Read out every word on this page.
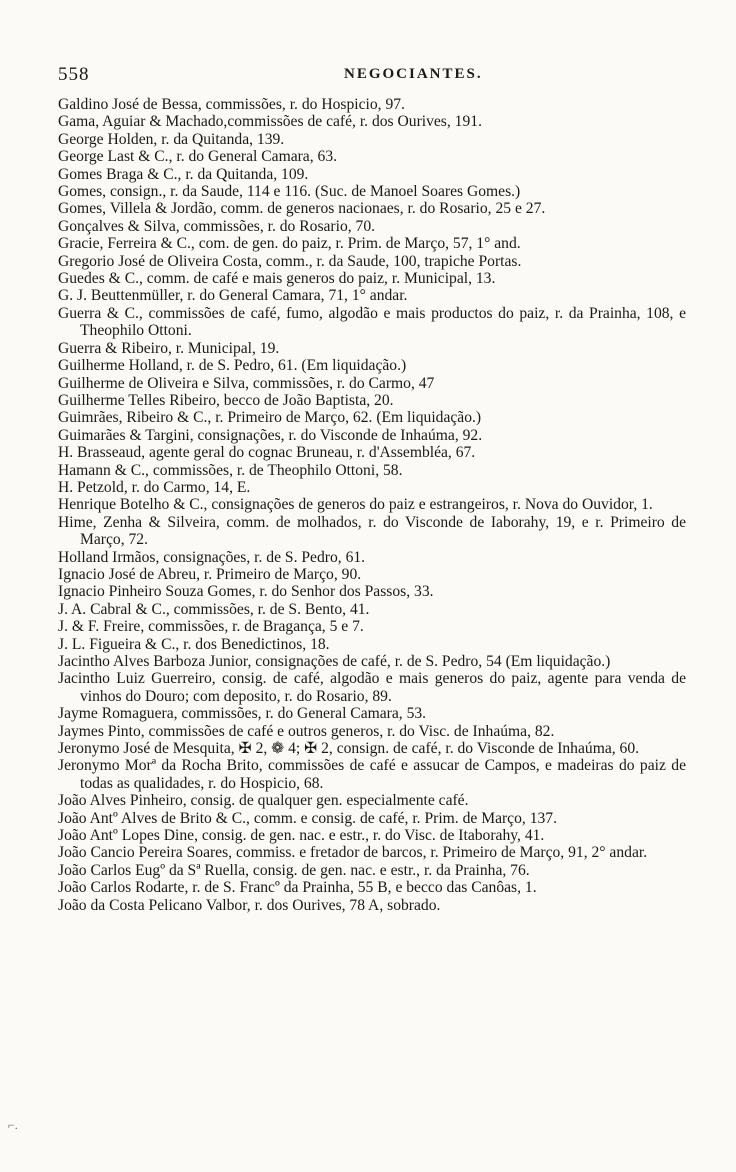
558	NEGOCIANTES.

Galdino José de Bessa, commissões, r. do Hospicio, 97.

Gama, Aguiar & Machado,commissões de café, r. dos Ourives, 191.

George Holden, r. da Quitanda, 139.

George Last & C., r. do General Camara, 63.

Gomes Braga & C., r. da Quitanda, 109.

Gomes, consign., r. da Saude, 114 e 116. (Suc. de Manoel Soares Gomes.)

Gomes, Villela & Jordão, comm. de generos nacionaes, r. do Rosario, 25 e 27.

Gonçalves & Silva, commissões, r. do Rosario, 70.

Gracie, Ferreira & C., com. de gen. do paiz, r. Prim. de Março, 57, 1° and.

Gregorio José de Oliveira Costa, comm., r. da Saude, 100, trapiche Portas.

Guedes & C., comm. de café e mais generos do paiz, r. Municipal, 13.

G. J. Beuttenmüller, r. do General Camara, 71, 1° andar.

Guerra & C., commissões de café, fumo, algodão e mais productos do paiz, r. da Prainha, 108, e Theophilo Ottoni.

Guerra & Ribeiro, r. Municipal, 19.

Guilherme Holland, r. de S. Pedro, 61. (Em liquidação.)

Guilherme de Oliveira e Silva, commissões, r. do Carmo, 47

Guilherme Telles Ribeiro, becco de João Baptista, 20.

Guimrães, Ribeiro & C., r. Primeiro de Março, 62. (Em liquidação.)

Guimarães & Targini, consignações, r. do Visconde de Inhaúma, 92.

H. Brasseaud, agente geral do cognac Bruneau, r. d'Assembléa, 67.

Hamann & C., commissões, r. de Theophilo Ottoni, 58.

H. Petzold, r. do Carmo, 14, E.

Henrique Botelho & C., consignações de generos do paiz e estrangeiros, r. Nova do Ouvidor, 1.

Hime, Zenha & Silveira, comm. de molhados, r. do Visconde de Iaborahy, 19, e r. Primeiro de Março, 72.

Holland Irmãos, consignações, r. de S. Pedro, 61.

Ignacio José de Abreu, r. Primeiro de Março, 90.

Ignacio Pinheiro Souza Gomes, r. do Senhor dos Passos, 33.

J. A. Cabral & C., commissões, r. de S. Bento, 41.

J. & F. Freire, commissões, r. de Bragança, 5 e 7.

J. L. Figueira & C., r. dos Benedictinos, 18.

Jacintho Alves Barboza Junior, consignações de café, r. de S. Pedro, 54 (Em liquidação.)

Jacintho Luiz Guerreiro, consig. de café, algodão e mais generos do paiz, agente para venda de vinhos do Douro; com deposito, r. do Rosario, 89.

Jayme Romaguera, commissões, r. do General Camara, 53.

Jaymes Pinto, commissões de café e outros generos, r. do Visc. de Inhaúma, 82.

Jeronymo José de Mesquita, ✠ 2, ❁ 4; ✠ 2, consign. de café, r. do Visconde de Inhaúma, 60.

Jeronymo Morª da Rocha Brito, commissões de café e assucar de Campos, e madeiras do paiz de todas as qualidades, r. do Hospicio, 68.

João Alves Pinheiro, consig. de qualquer gen. especialmente café.

João Antº Alves de Brito & C., comm. e consig. de café, r. Prim. de Março, 137.

João Antº Lopes Dine, consig. de gen. nac. e estr., r. do Visc. de Itaborahy, 41.

João Cancio Pereira Soares, commiss. e fretador de barcos, r. Primeiro de Março, 91, 2° andar.

João Carlos Eugº da Sª Ruella, consig. de gen. nac. e estr., r. da Prainha, 76.

João Carlos Rodarte, r. de S. Francº da Prainha, 55 B, e becco das Canôas, 1.

João da Costa Pelicano Valbor, r. dos Ourives, 78 A, sobrado.

⌐.
